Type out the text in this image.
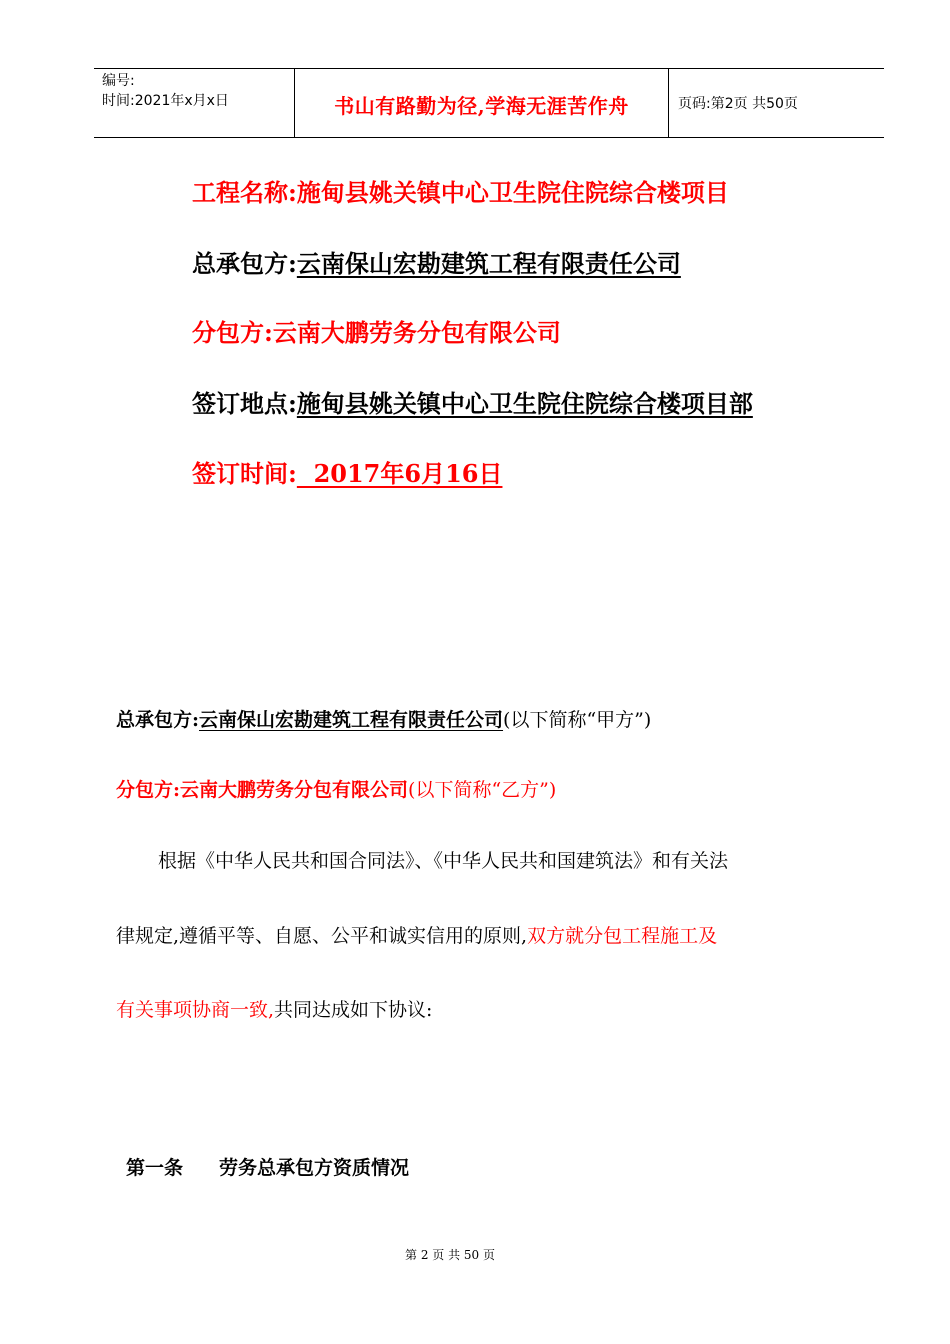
编号:
时间:2021年x月x日	书山有路勤为径,学海无涯苦作舟	页码:第2页 共50页
工程名称:施甸县姚关镇中心卫生院住院综合楼项目
总承包方:云南保山宏勘建筑工程有限责任公司
分包方:云南大鹏劳务分包有限公司
签订地点:施甸县姚关镇中心卫生院住院综合楼项目部
签订时间:  2017年6月16日
总承包方:云南保山宏勘建筑工程有限责任公司(以下简称“甲方”)
分包方:云南大鹏劳务分包有限公司(以下简称“乙方”)
根据《中华人民共和国合同法》、《中华人民共和国建筑法》和有关法
律规定,遵循平等、自愿、公平和诚实信用的原则,双方就分包工程施工及
有关事项协商一致,共同达成如下协议:
第一条 劳务总承包方资质情况
第 2 页 共 50 页
